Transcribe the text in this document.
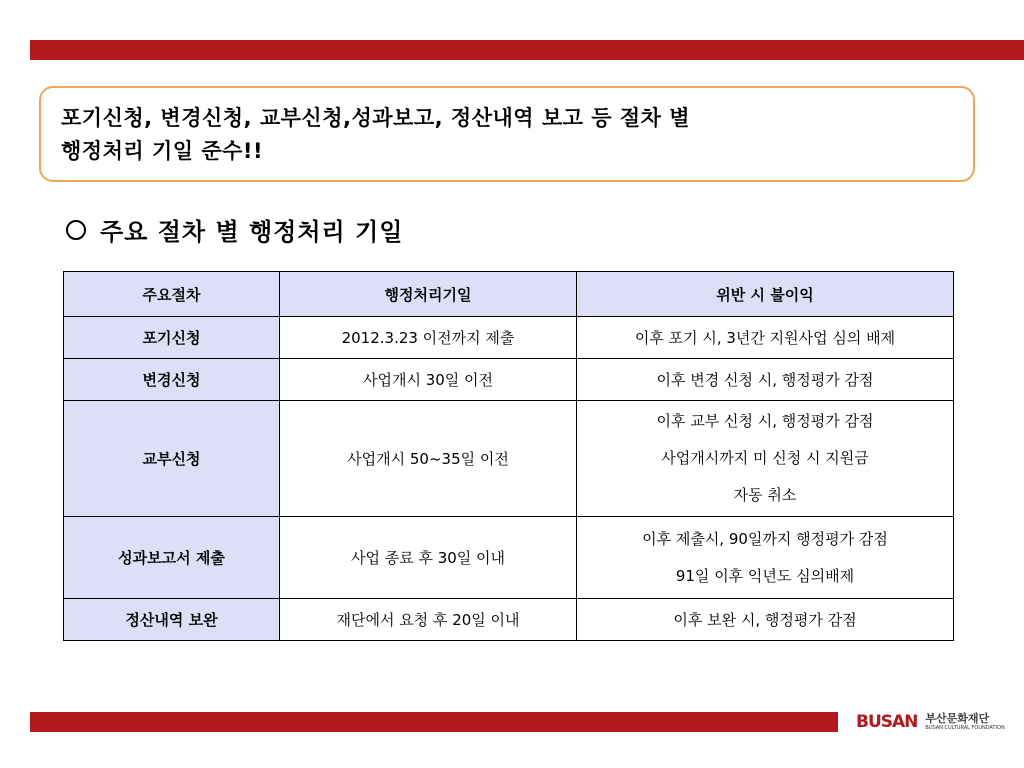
포기신청, 변경신청, 교부신청,성과보고, 정산내역 보고 등 절차 별
행정처리 기일 준수!!
주요 절차 별 행정처리 기일
주요절차	행정처리기일	위반 시 불이익
포기신청	2012.3.23 이전까지 제출	이후 포기 시, 3년간 지원사업 심의 배제
변경신청	사업개시 30일 이전	이후 변경 신청 시, 행정평가 감점
교부신청	사업개시 50~35일 이전	이후 교부 신청 시, 행정평가 감점
사업개시까지 미 신청 시 지원금
자동 취소

성과보고서 제출	사업 종료 후 30일 이내	이후 제출시, 90일까지 행정평가 감점
91일 이후 익년도 심의배제

정산내역 보완	재단에서 요청 후 20일 이내	이후 보완 시, 행정평가 감점
BUSAN 부산문화재단
BUSAN CULTURAL FOUNDATION
